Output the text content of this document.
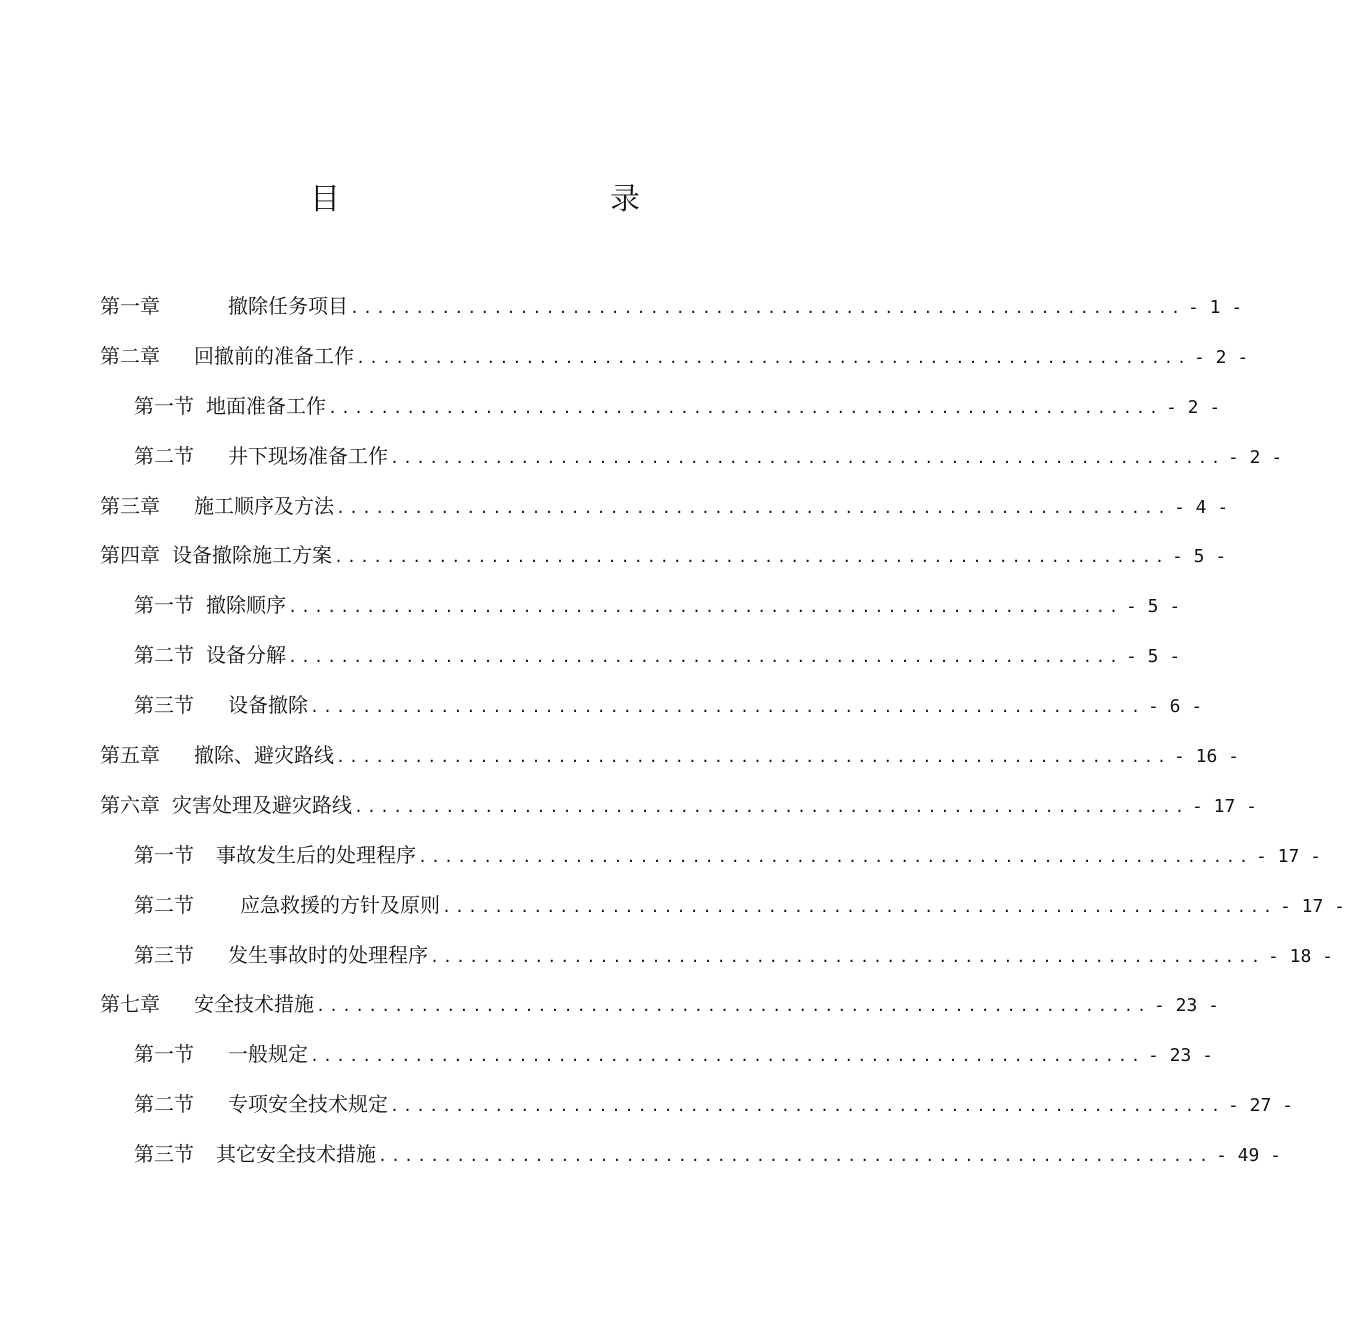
目　　录
第一章	撤除任务项目 ................................................................ - 1 -
第二章 回撤前的准备工作 ................................................................ - 2 -
第一节 地面准备工作 ................................................................ - 2 -
第二节 井下现场准备工作 ................................................................ - 2 -
第三章 施工顺序及方法 ................................................................ - 4 -
第四章 设备撤除施工方案 ................................................................ - 5 -
第一节 撤除顺序 ................................................................ - 5 -
第二节 设备分解 ................................................................ - 5 -
第三节 设备撤除 ................................................................ - 6 -
第五章 撤除、避灾路线 ................................................................ - 16 -
第六章 灾害处理及避灾路线 ................................................................ - 17 -
第一节 事故发生后的处理程序 ................................................................ - 17 -
第二节 应急救援的方针及原则 ................................................................ - 17 -
第三节 发生事故时的处理程序 ................................................................ - 18 -
第七章 安全技术措施 ................................................................ - 23 -
第一节 一般规定 ................................................................ - 23 -
第二节 专项安全技术规定 ................................................................ - 27 -
第三节 其它安全技术措施 ................................................................ - 49 -
